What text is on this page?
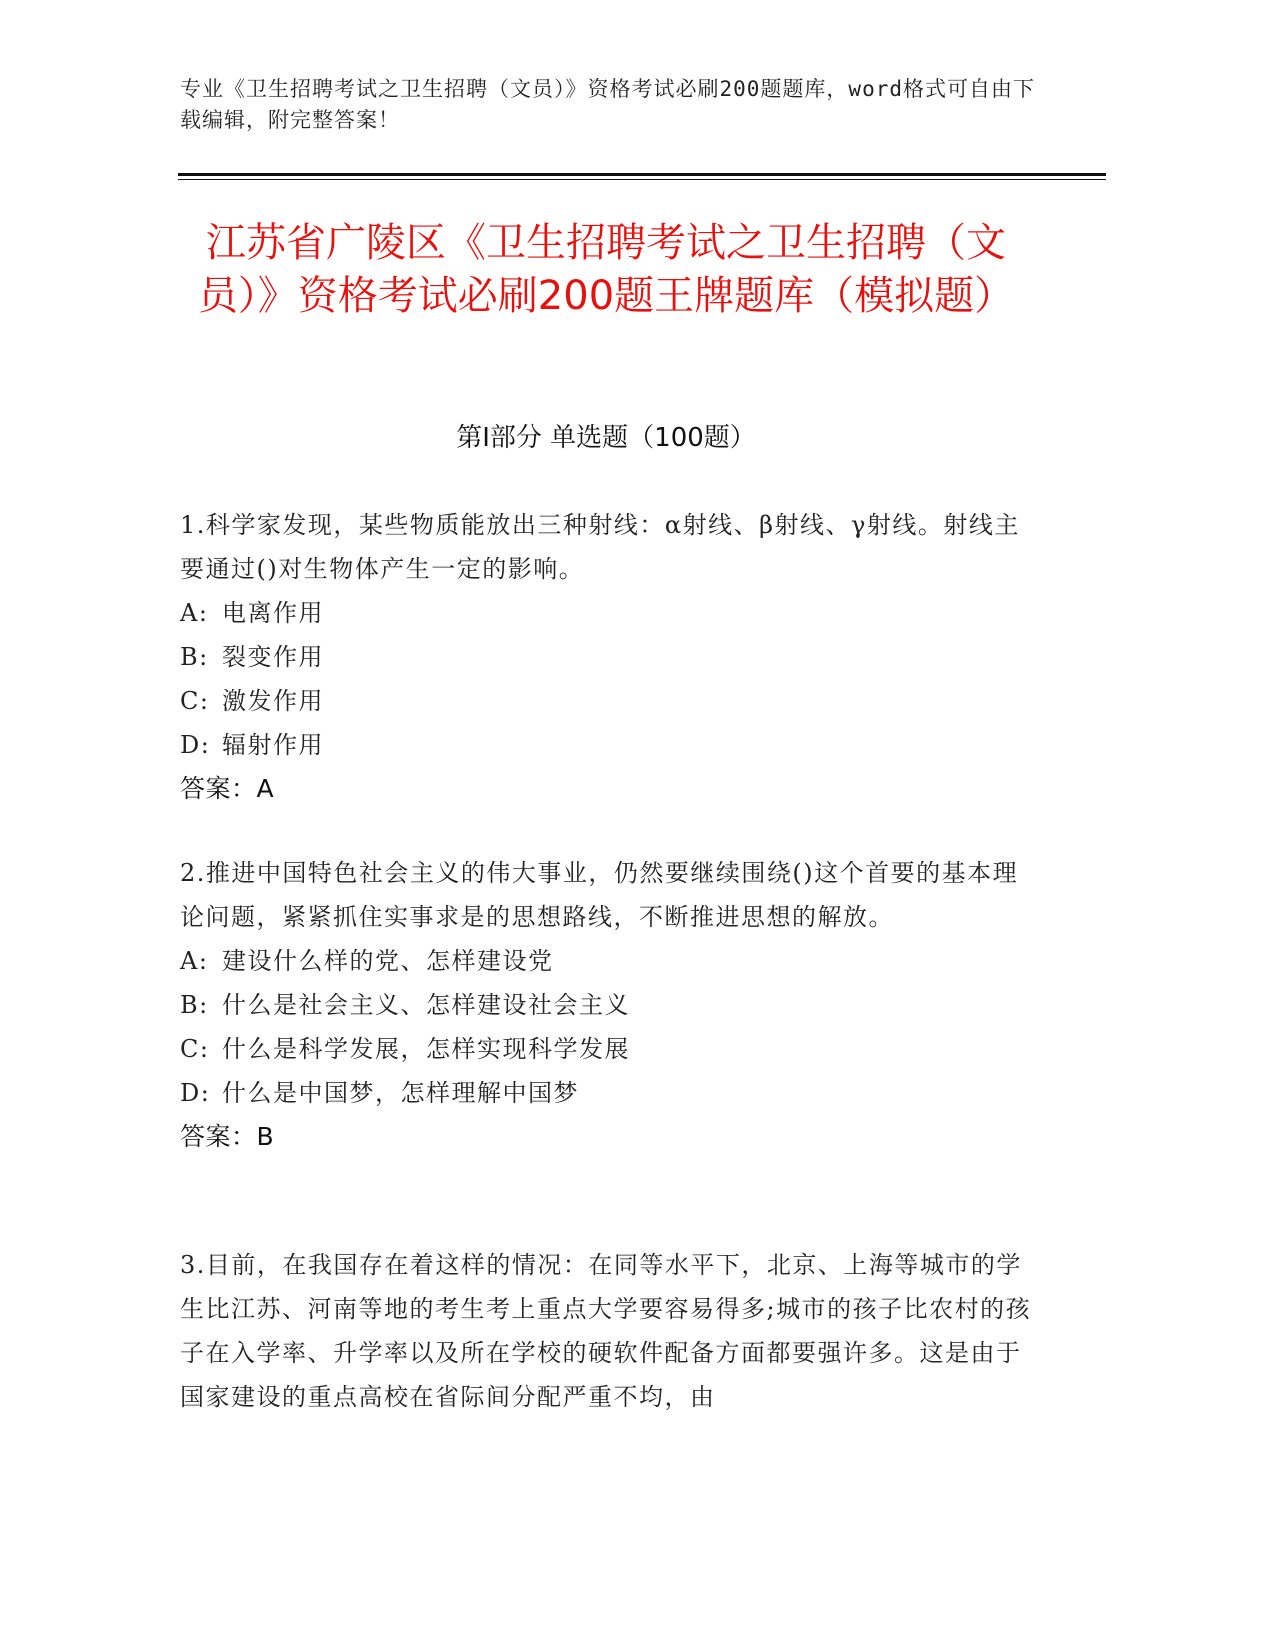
专业《卫生招聘考试之卫生招聘（文员）》资格考试必刷200题题库，word格式可自由下载编辑，附完整答案！
江苏省广陵区《卫生招聘考试之卫生招聘（文员）》资格考试必刷200题王牌题库（模拟题）
第I部分 单选题（100题）
1.科学家发现，某些物质能放出三种射线：α射线、β射线、γ射线。射线主要通过()对生物体产生一定的影响。
A: 电离作用
B: 裂变作用
C: 激发作用
D: 辐射作用
答案：A
2.推进中国特色社会主义的伟大事业，仍然要继续围绕()这个首要的基本理论问题，紧紧抓住实事求是的思想路线，不断推进思想的解放。
A: 建设什么样的党、怎样建设党
B: 什么是社会主义、怎样建设社会主义
C: 什么是科学发展，怎样实现科学发展
D: 什么是中国梦，怎样理解中国梦
答案：B
3.目前，在我国存在着这样的情况：在同等水平下，北京、上海等城市的学生比江苏、河南等地的考生考上重点大学要容易得多;城市的孩子比农村的孩子在入学率、升学率以及所在学校的硬软件配备方面都要强许多。这是由于国家建设的重点高校在省际间分配严重不均，由
